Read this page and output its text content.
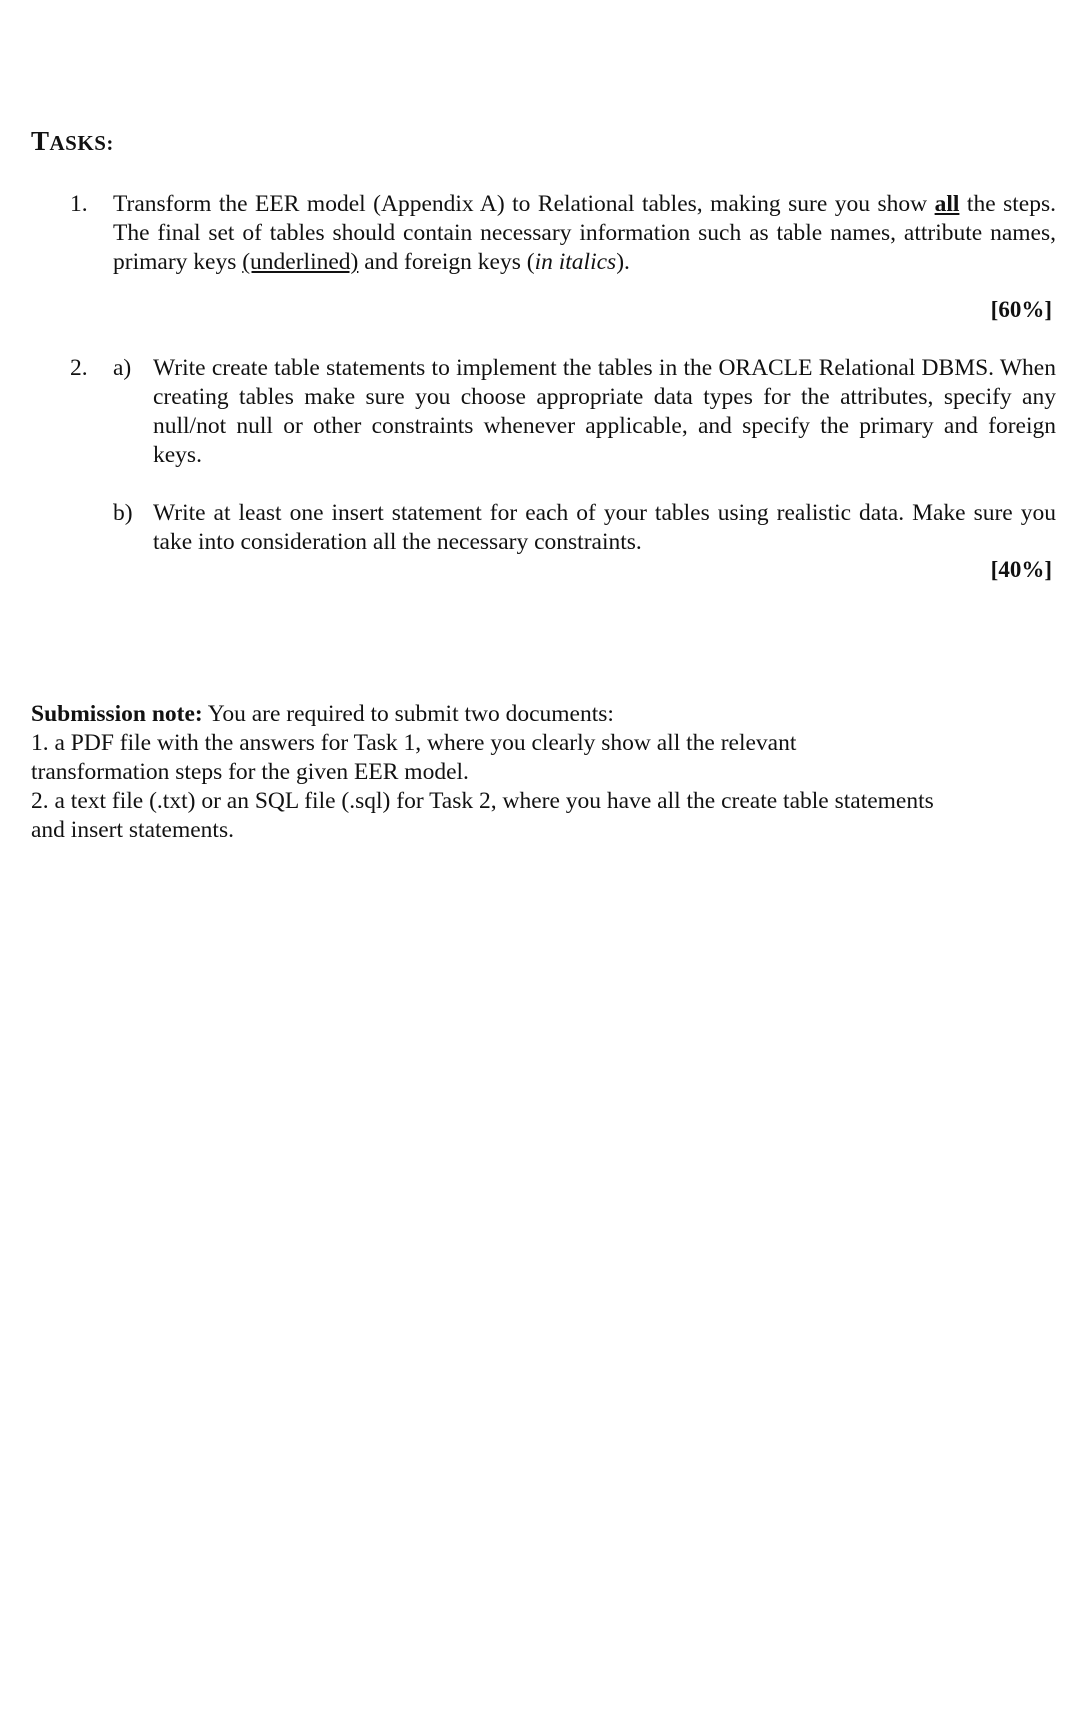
TASKS:
1. Transform the EER model (Appendix A) to Relational tables, making sure you show all the steps. The final set of tables should contain necessary information such as table names, attribute names, primary keys (underlined) and foreign keys (in italics).
[60%]
2. a) Write create table statements to implement the tables in the ORACLE Relational DBMS. When creating tables make sure you choose appropriate data types for the attributes, specify any null/not null or other constraints whenever applicable, and specify the primary and foreign keys.
b) Write at least one insert statement for each of your tables using realistic data. Make sure you take into consideration all the necessary constraints.
[40%]
Submission note: You are required to submit two documents:
1. a PDF file with the answers for Task 1, where you clearly show all the relevant
transformation steps for the given EER model.
2. a text file (.txt) or an SQL file (.sql) for Task 2, where you have all the create table statements
and insert statements.
